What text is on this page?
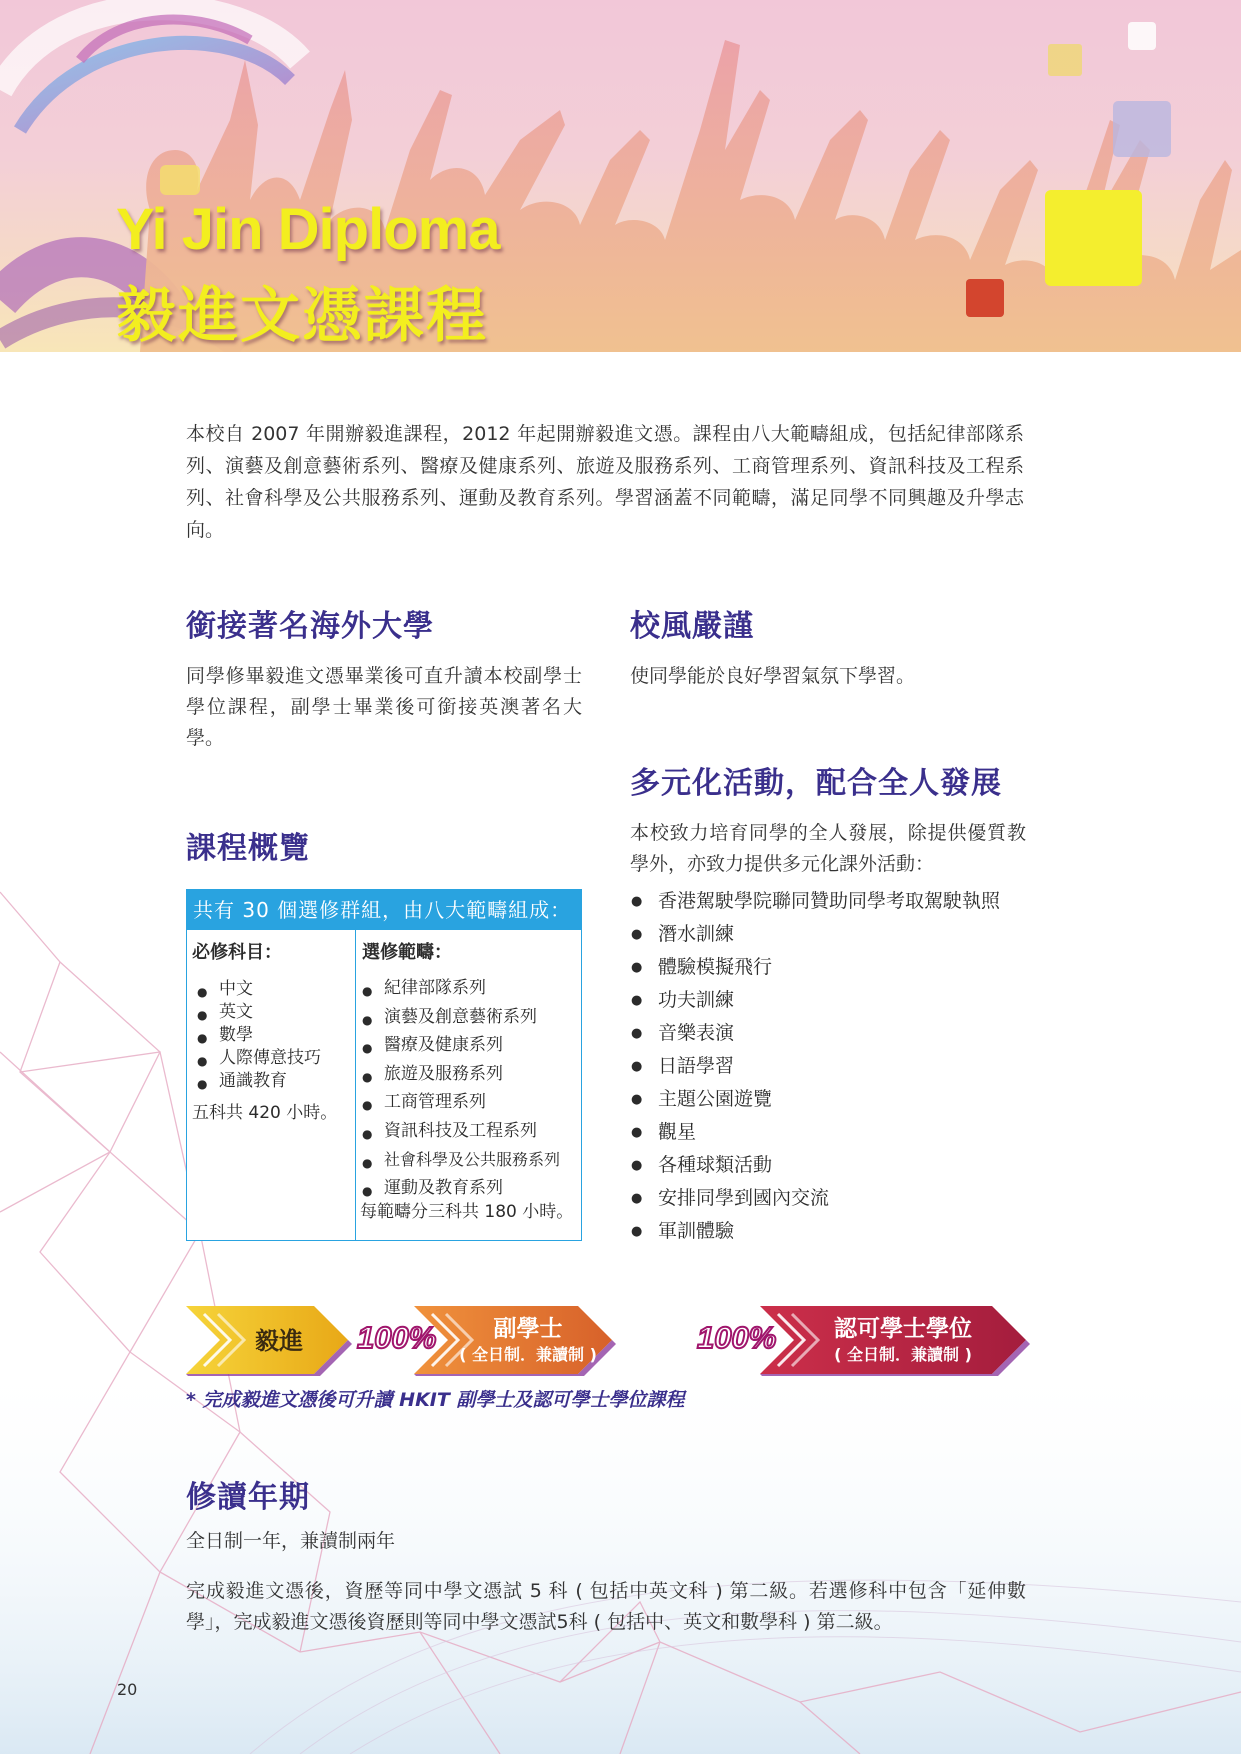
Yi Jin Diploma
毅進文憑課程
本校自 2007 年開辦毅進課程，2012 年起開辦毅進文憑。課程由八大範疇組成，包括紀律部隊系列、演藝及創意藝術系列、醫療及健康系列、旅遊及服務系列、工商管理系列、資訊科技及工程系列、社會科學及公共服務系列、運動及教育系列。學習涵蓋不同範疇，滿足同學不同興趣及升學志向。
銜接著名海外大學
同學修畢毅進文憑畢業後可直升讀本校副學士學位課程，副學士畢業後可銜接英澳著名大學。
課程概覽
共有 30 個選修群組，由八大範疇組成：
必修科目：
● 中文
● 英文
● 數學
● 人際傳意技巧
● 通識教育
五科共 420 小時。
選修範疇：
● 紀律部隊系列
● 演藝及創意藝術系列
● 醫療及健康系列
● 旅遊及服務系列
● 工商管理系列
● 資訊科技及工程系列
● 社會科學及公共服務系列
● 運動及教育系列
每範疇分三科共 180 小時。
校風嚴謹
使同學能於良好學習氣氛下學習。
多元化活動，配合全人發展
本校致力培育同學的全人發展，除提供優質教學外，亦致力提供多元化課外活動：
● 香港駕駛學院聯同贊助同學考取駕駛執照
● 潛水訓練
● 體驗模擬飛行
● 功夫訓練
● 音樂表演
● 日語學習
● 主題公園遊覽
● 觀星
● 各種球類活動
● 安排同學到國內交流
● 軍訓體驗
毅進	100%	副學士
( 全日制．兼讀制 )	100%	認可學士學位
( 全日制．兼讀制 )
* 完成毅進文憑後可升讀 HKIT 副學士及認可學士學位課程
修讀年期
全日制一年，兼讀制兩年
完成毅進文憑後，資歷等同中學文憑試 5 科 ( 包括中英文科 ) 第二級。若選修科中包含「延伸數學」，完成毅進文憑後資歷則等同中學文憑試5科 ( 包括中、英文和數學科 ) 第二級。
20
